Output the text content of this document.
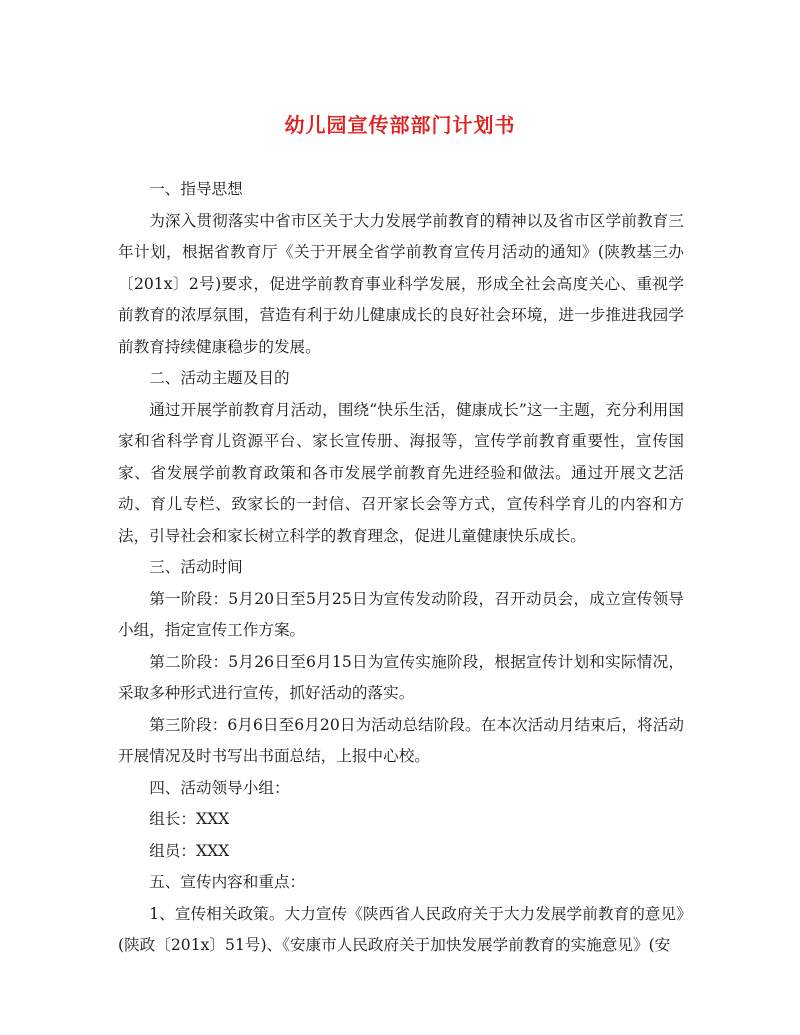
幼儿园宣传部部门计划书

一、指导思想

为深入贯彻落实中省市区关于大力发展学前教育的精神以及省市区学前教育三年计划，根据省教育厅《关于开展全省学前教育宣传月活动的通知》(陕教基三办〔201x〕2号)要求，促进学前教育事业科学发展，形成全社会高度关心、重视学前教育的浓厚氛围，营造有利于幼儿健康成长的良好社会环境，进一步推进我园学前教育持续健康稳步的发展。

二、活动主题及目的

通过开展学前教育月活动，围绕“快乐生活，健康成长”这一主题，充分利用国家和省科学育儿资源平台、家长宣传册、海报等，宣传学前教育重要性，宣传国家、省发展学前教育政策和各市发展学前教育先进经验和做法。通过开展文艺活动、育儿专栏、致家长的一封信、召开家长会等方式，宣传科学育儿的内容和方法，引导社会和家长树立科学的教育理念，促进儿童健康快乐成长。

三、活动时间

第一阶段：5月20日至5月25日为宣传发动阶段，召开动员会，成立宣传领导小组，指定宣传工作方案。

第二阶段：5月26日至6月15日为宣传实施阶段，根据宣传计划和实际情况，采取多种形式进行宣传，抓好活动的落实。

第三阶段：6月6日至6月20日为活动总结阶段。在本次活动月结束后，将活动开展情况及时书写出书面总结，上报中心校。

四、活动领导小组：

组长：XXX

组员：XXX

五、宣传内容和重点：

1、宣传相关政策。大力宣传《陕西省人民政府关于大力发展学前教育的意见》(陕政〔201x〕51号)、《安康市人民政府关于加快发展学前教育的实施意见》(安
